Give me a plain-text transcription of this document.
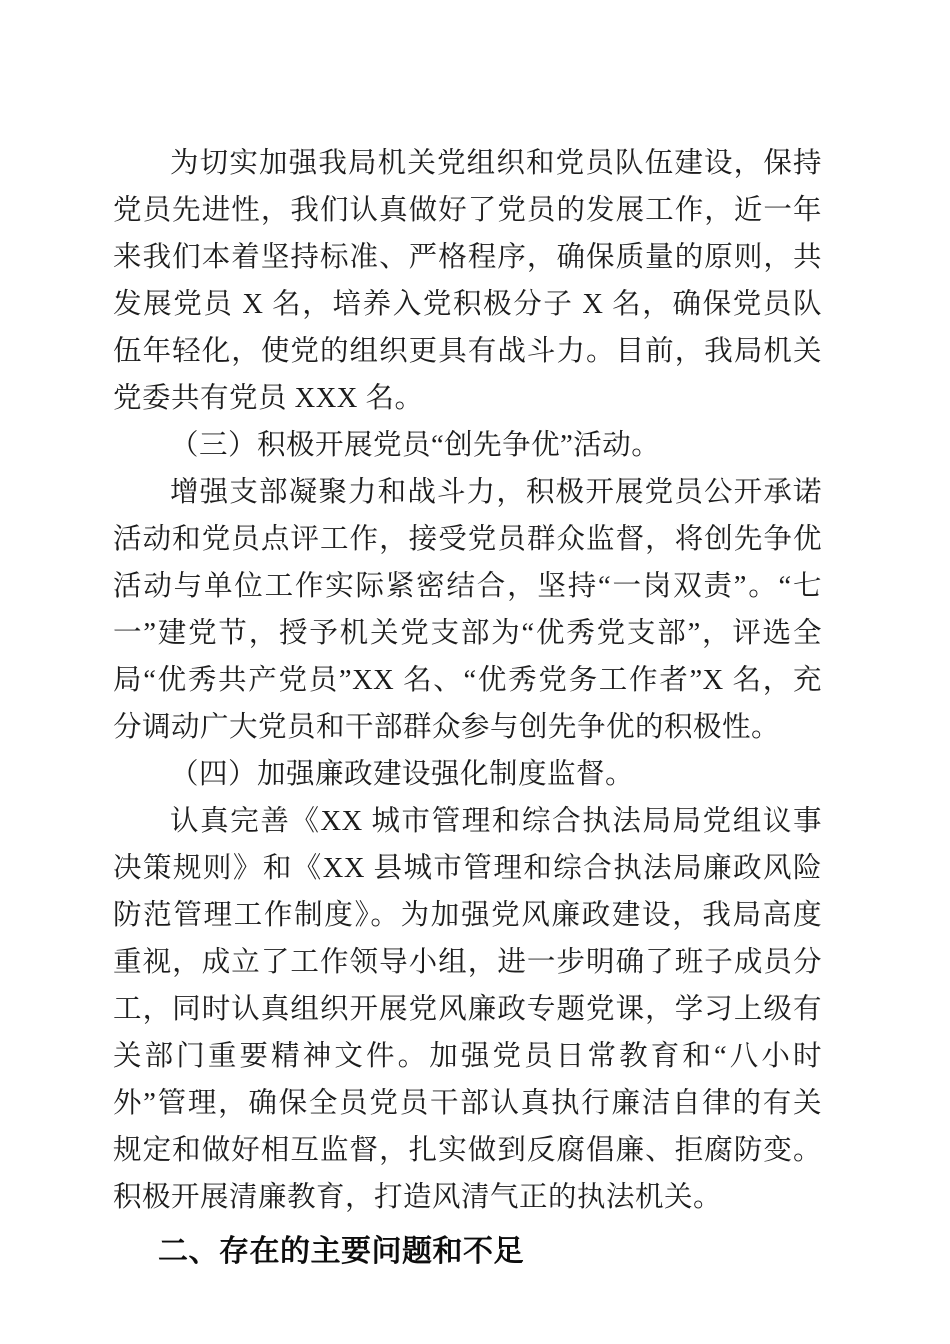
为切实加强我局机关党组织和党员队伍建设，保持党员先进性，我们认真做好了党员的发展工作，近一年来我们本着坚持标准、严格程序，确保质量的原则，共发展党员 X 名，培养入党积极分子 X 名，确保党员队伍年轻化，使党的组织更具有战斗力。目前，我局机关党委共有党员 XXX 名。

（三）积极开展党员“创先争优”活动。

增强支部凝聚力和战斗力，积极开展党员公开承诺活动和党员点评工作，接受党员群众监督，将创先争优活动与单位工作实际紧密结合，坚持“一岗双责”。“七一”建党节，授予机关党支部为“优秀党支部”，评选全局“优秀共产党员”XX 名、“优秀党务工作者”X 名，充分调动广大党员和干部群众参与创先争优的积极性。

（四）加强廉政建设强化制度监督。

认真完善《XX 城市管理和综合执法局局党组议事决策规则》和《XX 县城市管理和综合执法局廉政风险防范管理工作制度》。为加强党风廉政建设，我局高度重视，成立了工作领导小组，进一步明确了班子成员分工，同时认真组织开展党风廉政专题党课，学习上级有关部门重要精神文件。加强党员日常教育和“八小时外”管理，确保全员党员干部认真执行廉洁自律的有关规定和做好相互监督，扎实做到反腐倡廉、拒腐防变。积极开展清廉教育，打造风清气正的执法机关。

二、存在的主要问题和不足
